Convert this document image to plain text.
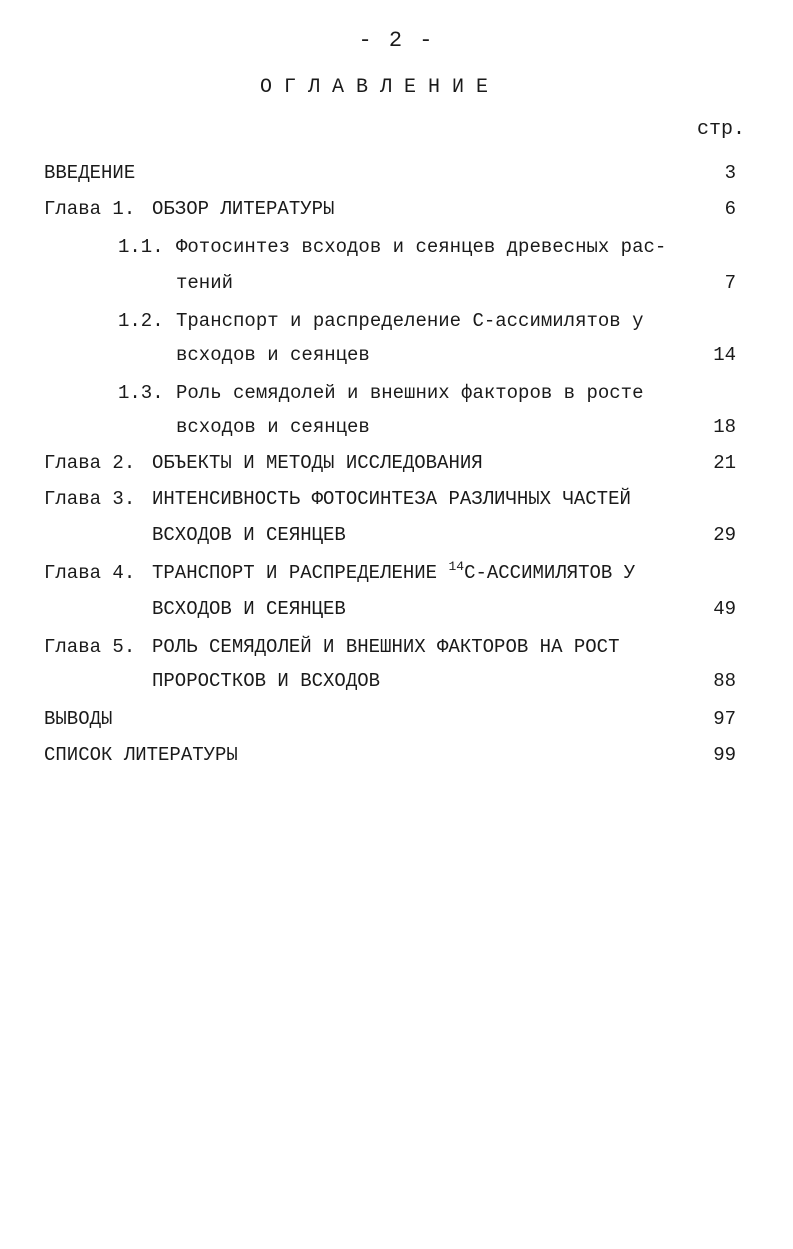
- 2 -
ОГЛАВЛЕНИЕ
стр.
ВВЕДЕНИЕ	3
Глава 1. ОБЗОР ЛИТЕРАТУРЫ	6
1.1. Фотосинтез всходов и сеянцев древесных рас-
тений	7
1.2. Транспорт и распределение С-ассимилятов у
всходов и сеянцев	14
1.3. Роль семядолей и внешних факторов в росте
всходов и сеянцев	18
Глава 2. ОБЪЕКТЫ И МЕТОДЫ ИССЛЕДОВАНИЯ	21
Глава 3. ИНТЕНСИВНОСТЬ ФОТОСИНТЕЗА РАЗЛИЧНЫХ ЧАСТЕЙ
ВСХОДОВ И СЕЯНЦЕВ	29
Глава 4. ТРАНСПОРТ И РАСПРЕДЕЛЕНИЕ $^{14}$С-АССИМИЛЯТОВ У
ВСХОДОВ И СЕЯНЦЕВ	49
Глава 5. РОЛЬ СЕМЯДОЛЕЙ И ВНЕШНИХ ФАКТОРОВ НА РОСТ
ПРОРОСТКОВ И ВСХОДОВ	88
ВЫВОДЫ	97
СПИСОК ЛИТЕРАТУРЫ	99
